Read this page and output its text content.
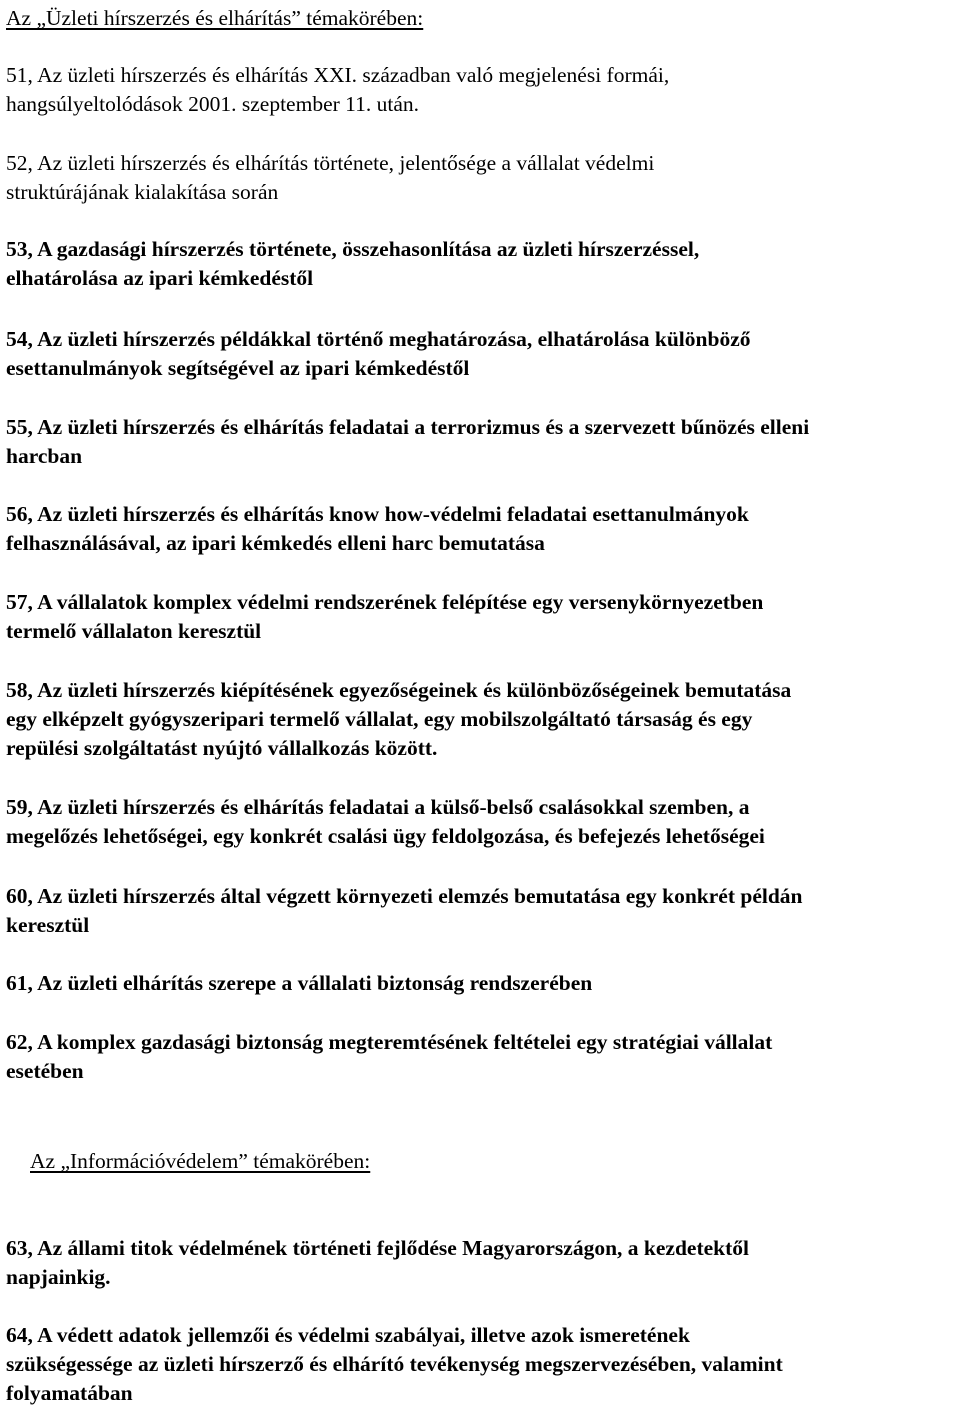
Az „Üzleti hírszerzés és elhárítás” témakörében:
51, Az üzleti hírszerzés és elhárítás XXI. században való megjelenési formái,
hangsúlyeltolódások 2001. szeptember 11. után.
52, Az üzleti hírszerzés és elhárítás története, jelentősége a vállalat védelmi
struktúrájának kialakítása során
53, A gazdasági hírszerzés története, összehasonlítása az üzleti hírszerzéssel,
elhatárolása az ipari kémkedéstől
54, Az üzleti hírszerzés példákkal történő meghatározása, elhatárolása különböző
esettanulmányok segítségével az ipari kémkedéstől
55, Az üzleti hírszerzés és elhárítás feladatai a terrorizmus és a szervezett bűnözés elleni
harcban
56, Az üzleti hírszerzés és elhárítás know how-védelmi feladatai esettanulmányok
felhasználásával, az ipari kémkedés elleni harc bemutatása
57, A vállalatok komplex védelmi rendszerének felépítése egy versenykörnyezetben
termelő vállalaton keresztül
58, Az üzleti hírszerzés kiépítésének egyezőségeinek és különbözőségeinek bemutatása
egy elképzelt gyógyszeripari termelő vállalat, egy mobilszolgáltató társaság és egy
repülési szolgáltatást nyújtó vállalkozás között.
59, Az üzleti hírszerzés és elhárítás feladatai a külső-belső csalásokkal szemben, a
megelőzés lehetőségei, egy konkrét csalási ügy feldolgozása, és befejezés lehetőségei
60, Az üzleti hírszerzés által végzett környezeti elemzés bemutatása egy konkrét példán
keresztül
61, Az üzleti elhárítás szerepe a vállalati biztonság rendszerében
62, A komplex gazdasági biztonság megteremtésének feltételei egy stratégiai vállalat
esetében
Az „Információvédelem” témakörében:
63, Az állami titok védelmének történeti fejlődése Magyarországon, a kezdetektől
napjainkig.
64, A védett adatok jellemzői és védelmi szabályai, illetve azok ismeretének
szükségessége az üzleti hírszerző és elhárító tevékenység megszervezésében, valamint
folyamatában
